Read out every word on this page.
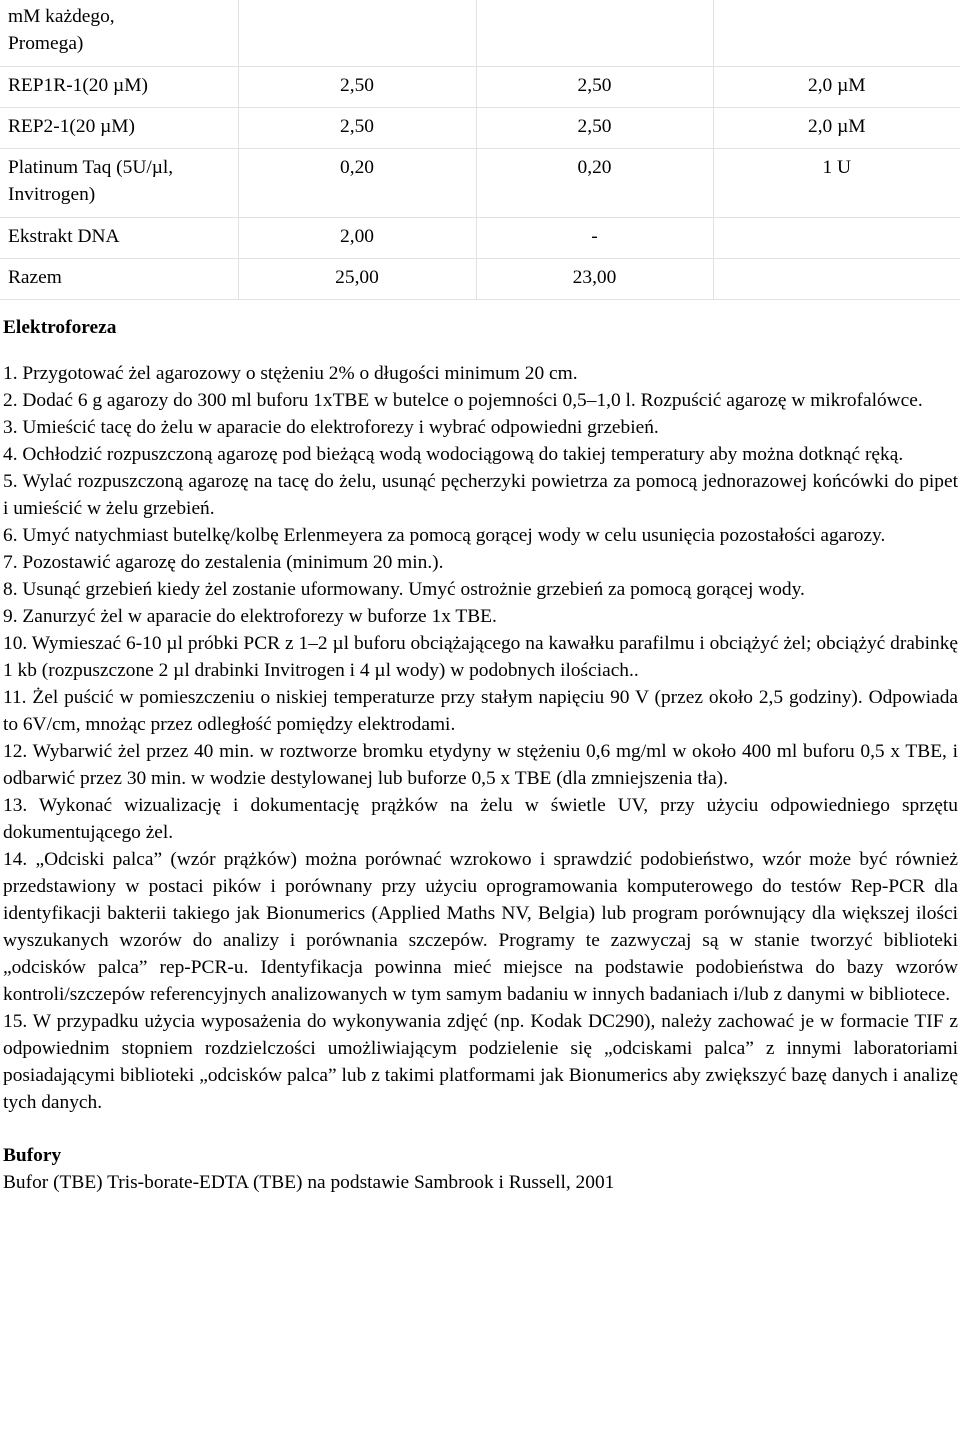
mM każdego,
Promega)			
REP1R-1(20 µM)	2,50	2,50	2,0 µM
REP2-1(20 µM)	2,50	2,50	2,0 µM
Platinum Taq (5U/µl,
Invitrogen)	0,20	0,20	1 U
Ekstrakt DNA	2,00	-	
Razem	25,00	23,00	
Elektroforeza
1. Przygotować żel agarozowy o stężeniu 2% o długości minimum 20 cm.
2. Dodać 6 g agarozy do 300 ml buforu 1xTBE w butelce o pojemności 0,5–1,0 l. Rozpuścić agarozę w mikrofalówce.
3. Umieścić tacę do żelu w aparacie do elektroforezy i wybrać odpowiedni grzebień.
4. Ochłodzić rozpuszczoną agarozę pod bieżącą wodą wodociągową do takiej temperatury aby można dotknąć ręką.
5. Wylać rozpuszczoną agarozę na tacę do żelu, usunąć pęcherzyki powietrza za pomocą jednorazowej końcówki do pipet i umieścić w żelu grzebień.
6. Umyć natychmiast butelkę/kolbę Erlenmeyera za pomocą gorącej wody w celu usunięcia pozostałości agarozy.
7. Pozostawić agarozę do zestalenia (minimum 20 min.).
8. Usunąć grzebień kiedy żel zostanie uformowany. Umyć ostrożnie grzebień za pomocą gorącej wody.
9. Zanurzyć żel w aparacie do elektroforezy w buforze 1x TBE.
10. Wymieszać 6-10 µl próbki PCR z 1–2 µl buforu obciążającego na kawałku parafilmu i obciążyć żel; obciążyć drabinkę 1 kb (rozpuszczone 2 µl drabinki Invitrogen i 4 µl wody) w podobnych ilościach..
11. Żel puścić w pomieszczeniu o niskiej temperaturze przy stałym napięciu 90 V (przez około 2,5 godziny). Odpowiada to 6V/cm, mnożąc przez odległość pomiędzy elektrodami.
12. Wybarwić żel przez 40 min. w roztworze bromku etydyny w stężeniu 0,6 mg/ml w około 400 ml buforu 0,5 x TBE, i odbarwić przez 30 min. w wodzie destylowanej lub buforze 0,5 x TBE (dla zmniejszenia tła).
13. Wykonać wizualizację i dokumentację prążków na żelu w świetle UV, przy użyciu odpowiedniego sprzętu dokumentującego żel.
14. „Odciski palca” (wzór prążków) można porównać wzrokowo i sprawdzić podobieństwo, wzór może być również przedstawiony w postaci pików i porównany przy użyciu oprogramowania komputerowego do testów Rep-PCR dla identyfikacji bakterii takiego jak Bionumerics (Applied Maths NV, Belgia) lub program porównujący dla większej ilości wyszukanych wzorów do analizy i porównania szczepów. Programy te zazwyczaj są w stanie tworzyć biblioteki „odcisków palca” rep-PCR-u. Identyfikacja powinna mieć miejsce na podstawie podobieństwa do bazy wzorów kontroli/szczepów referencyjnych analizowanych w tym samym badaniu w innych badaniach i/lub z danymi w bibliotece.
15. W przypadku użycia wyposażenia do wykonywania zdjęć (np. Kodak DC290), należy zachować je w formacie TIF z odpowiednim stopniem rozdzielczości umożliwiającym podzielenie się „odciskami palca” z innymi laboratoriami posiadającymi biblioteki „odcisków palca” lub z takimi platformami jak Bionumerics aby zwiększyć bazę danych i analizę tych danych.
Bufory
Bufor (TBE) Tris-borate-EDTA (TBE) na podstawie Sambrook i Russell, 2001
